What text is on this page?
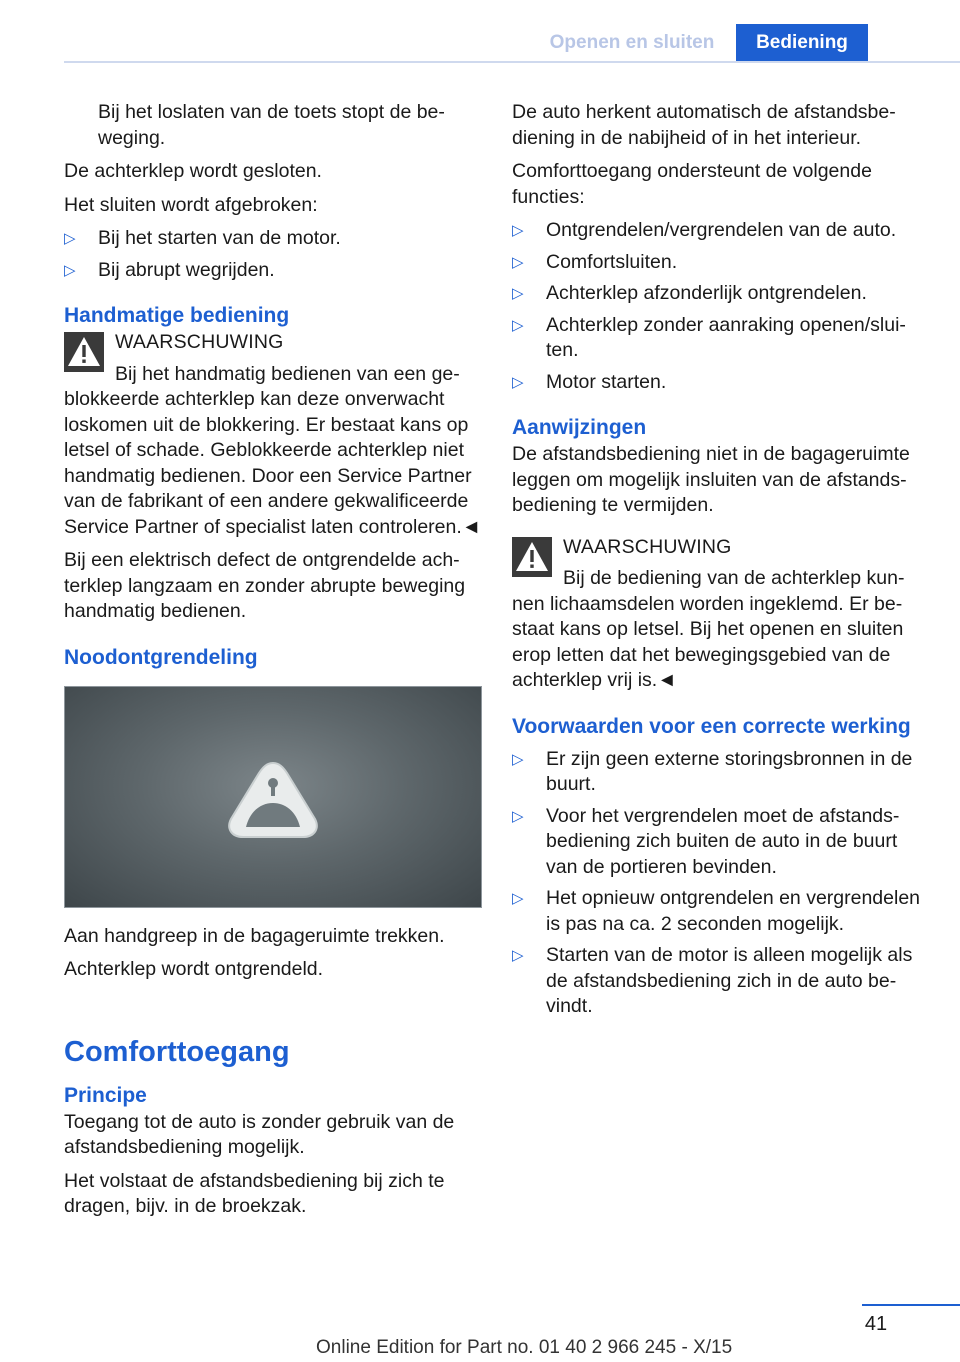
Openen en sluiten	Bediening

Bij het loslaten van de toets stopt de beweging.

De achterklep wordt gesloten.

Het sluiten wordt afgebroken:

▷ Bij het starten van de motor.
▷ Bij abrupt wegrijden.
Handmatige bediening
WAARSCHUWING
Bij het handmatig bedienen van een geblokkeerde achterklep kan deze onverwacht loskomen uit de blokkering. Er bestaat kans op letsel of schade. Geblokkeerde achterklep niet handmatig bedienen. Door een Service Partner van de fabrikant of een andere gekwalificeerde Service Partner of specialist laten controleren.◄

Bij een elektrisch defect de ontgrendelde achterklep langzaam en zonder abrupte beweging handmatig bedienen.

Noodontgrendeling

Aan handgreep in de bagageruimte trekken.

Achterklep wordt ontgrendeld.

Comforttoegang
Principe

Toegang tot de auto is zonder gebruik van de afstandsbediening mogelijk.

Het volstaat de afstandsbediening bij zich te dragen, bijv. in de broekzak.

De auto herkent automatisch de afstandsbediening in de nabijheid of in het interieur.

Comforttoegang ondersteunt de volgende functies:

▷ Ontgrendelen/vergrendelen van de auto.
▷ Comfortsluiten.
▷ Achterklep afzonderlijk ontgrendelen.
▷ Achterklep zonder aanraking openen/sluiten.
▷ Motor starten.
Aanwijzingen

De afstandsbediening niet in de bagageruimte leggen om mogelijk insluiten van de afstandsbediening te vermijden.

WAARSCHUWING
Bij de bediening van de achterklep kunnen lichaamsdelen worden ingeklemd. Er bestaat kans op letsel. Bij het openen en sluiten erop letten dat het bewegingsgebied van de achterklep vrij is.◄
Voorwaarden voor een correcte werking
▷ Er zijn geen externe storingsbronnen in de buurt.
▷ Voor het vergrendelen moet de afstandsbediening zich buiten de auto in de buurt van de portieren bevinden.
▷ Het opnieuw ontgrendelen en vergrendelen is pas na ca. 2 seconden mogelijk.
▷ Starten van de motor is alleen mogelijk als de afstandsbediening zich in de auto bevindt.
41
Online Edition for Part no. 01 40 2 966 245 - X/15
